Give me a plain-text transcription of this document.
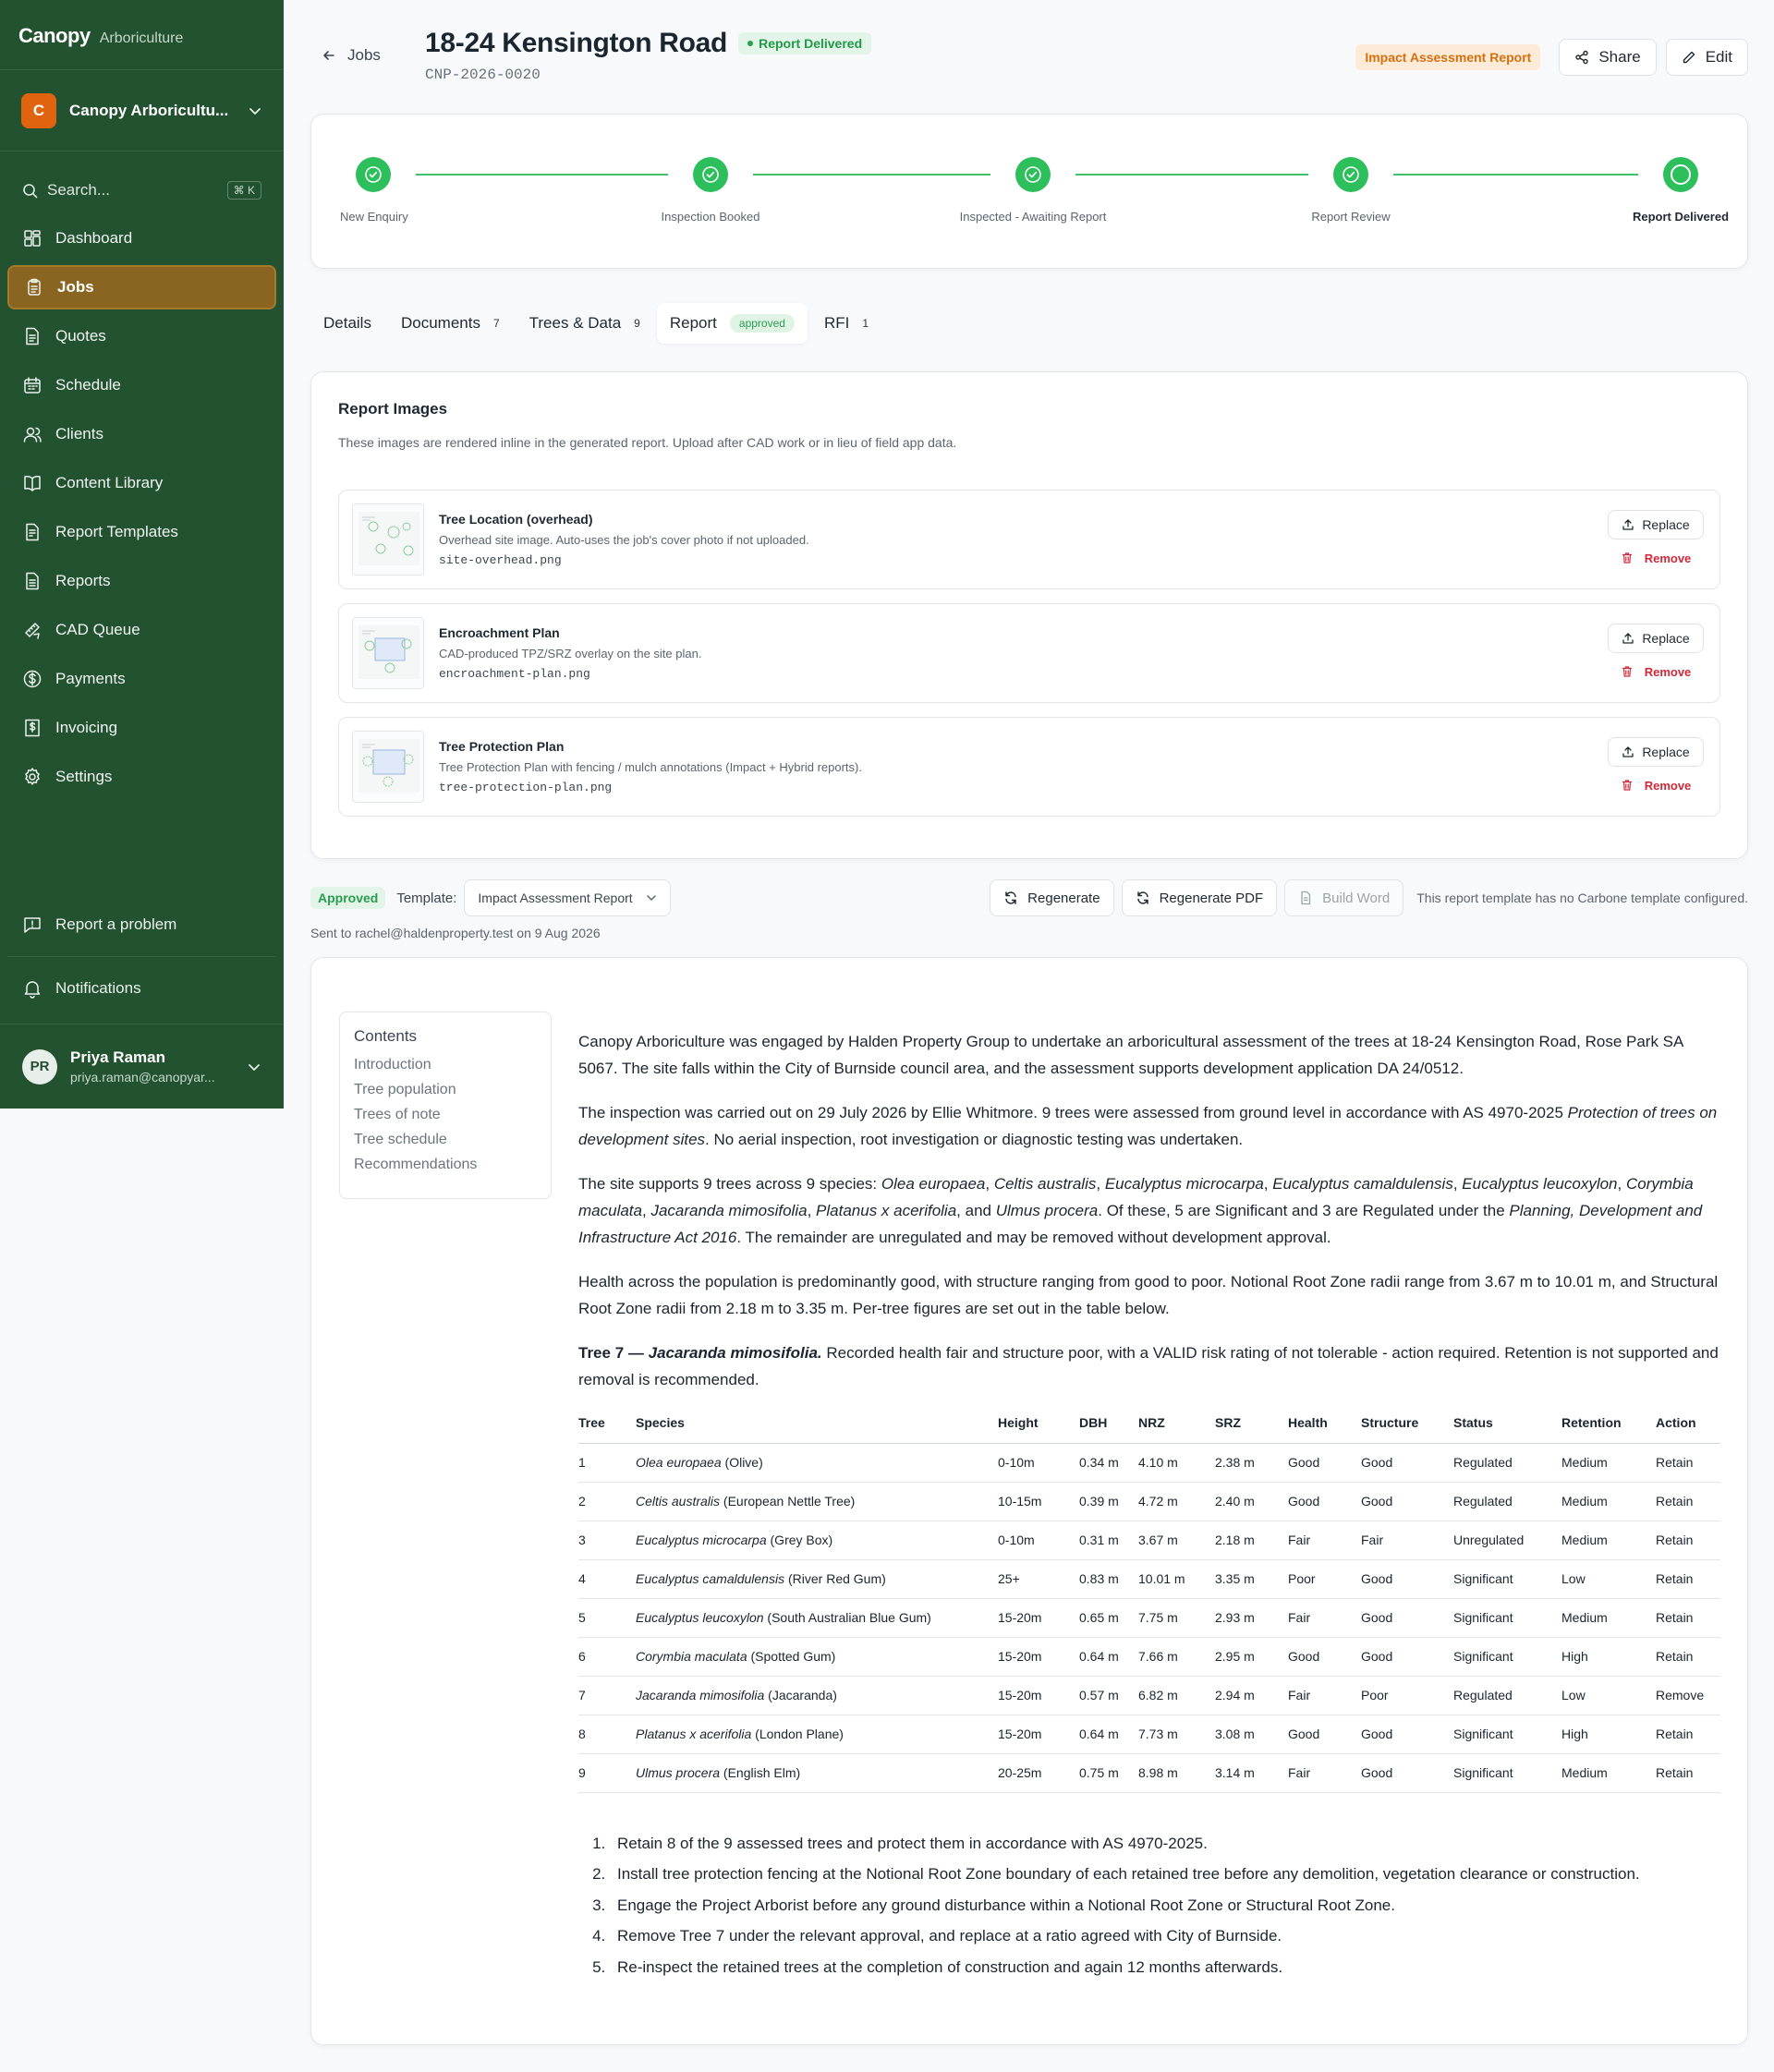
Canopy Arboriculture
C	Canopy Arboricultu...
Search...	⌘ K
Dashboard
Jobs
Quotes
Schedule
Clients
Content Library
Report Templates
Reports
CAD Queue
Payments
Invoicing
Settings
Report a problem
Notifications
PR
Priya Raman
priya.raman@canopyar...
Jobs 18-24 Kensington Road Report Delivered
CNP-2026-0020
Impact Assessment Report	Share	Edit
New Enquiry	Inspection Booked	Inspected - Awaiting Report	Report Review	Report Delivered
Details Documents 7 Trees & Data 9 Report	approved	RFI 1
Report Images
These images are rendered inline in the generated report. Upload after CAD work or in lieu of field app data.
Tree Location (overhead)
Overhead site image. Auto-uses the job's cover photo if not uploaded.
site-overhead.png
Replace
Remove
Encroachment Plan
CAD-produced TPZ/SRZ overlay on the site plan.
encroachment-plan.png
Replace
Remove
Tree Protection Plan
Tree Protection Plan with fencing / mulch annotations (Impact + Hybrid reports).
tree-protection-plan.png
Replace
Remove
Approved	Template: Impact Assessment Report	Regenerate	Regenerate PDF	Build Word This report template has no Carbone template configured.
Sent to rachel@haldenproperty.test on 9 Aug 2026
Contents
Introduction
Tree population
Trees of note
Tree schedule
Recommendations

Canopy Arboriculture was engaged by Halden Property Group to undertake an arboricultural assessment of the trees at 18-24 Kensington Road, Rose Park SA 5067. The site falls within the City of Burnside council area, and the assessment supports development application DA 24/0512.

The inspection was carried out on 29 July 2026 by Ellie Whitmore. 9 trees were assessed from ground level in accordance with AS 4970-2025 Protection of trees on development sites. No aerial inspection, root investigation or diagnostic testing was undertaken.

The site supports 9 trees across 9 species: Olea europaea, Celtis australis, Eucalyptus microcarpa, Eucalyptus camaldulensis, Eucalyptus leucoxylon, Corymbia maculata, Jacaranda mimosifolia, Platanus x acerifolia, and Ulmus procera. Of these, 5 are Significant and 3 are Regulated under the Planning, Development and Infrastructure Act 2016. The remainder are unregulated and may be removed without development approval.

Health across the population is predominantly good, with structure ranging from good to poor. Notional Root Zone radii range from 3.67 m to 10.01 m, and Structural Root Zone radii from 2.18 m to 3.35 m. Per-tree figures are set out in the table below.

Tree 7 — Jacaranda mimosifolia. Recorded health fair and structure poor, with a VALID risk rating of not tolerable - action required. Retention is not supported and removal is recommended.

Tree	Species	Height	DBH	NRZ	SRZ	Health	Structure	Status	Retention	Action
1	Olea europaea (Olive)	0-10m	0.34 m	4.10 m	2.38 m	Good	Good	Regulated	Medium	Retain
2	Celtis australis (European Nettle Tree)	10-15m	0.39 m	4.72 m	2.40 m	Good	Good	Regulated	Medium	Retain
3	Eucalyptus microcarpa (Grey Box)	0-10m	0.31 m	3.67 m	2.18 m	Fair	Fair	Unregulated	Medium	Retain
4	Eucalyptus camaldulensis (River Red Gum)	25+	0.83 m	10.01 m	3.35 m	Poor	Good	Significant	Low	Retain
5	Eucalyptus leucoxylon (South Australian Blue Gum)	15-20m	0.65 m	7.75 m	2.93 m	Fair	Good	Significant	Medium	Retain
6	Corymbia maculata (Spotted Gum)	15-20m	0.64 m	7.66 m	2.95 m	Good	Good	Significant	High	Retain
7	Jacaranda mimosifolia (Jacaranda)	15-20m	0.57 m	6.82 m	2.94 m	Fair	Poor	Regulated	Low	Remove
8	Platanus x acerifolia (London Plane)	15-20m	0.64 m	7.73 m	3.08 m	Good	Good	Significant	High	Retain
9	Ulmus procera (English Elm)	20-25m	0.75 m	8.98 m	3.14 m	Fair	Good	Significant	Medium	Retain
1. Retain 8 of the 9 assessed trees and protect them in accordance with AS 4970-2025.
2. Install tree protection fencing at the Notional Root Zone boundary of each retained tree before any demolition, vegetation clearance or construction.
3. Engage the Project Arborist before any ground disturbance within a Notional Root Zone or Structural Root Zone.
4. Remove Tree 7 under the relevant approval, and replace at a ratio agreed with City of Burnside.
5. Re-inspect the retained trees at the completion of construction and again 12 months afterwards.
